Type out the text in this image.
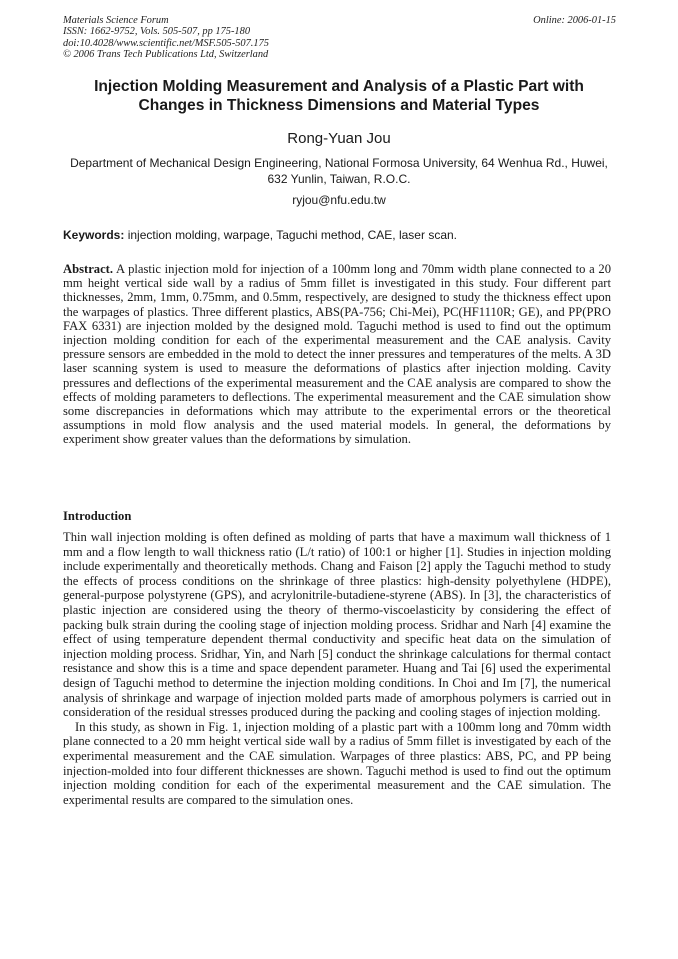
Materials Science Forum
ISSN: 1662-9752, Vols. 505-507, pp 175-180
doi:10.4028/www.scientific.net/MSF.505-507.175
© 2006 Trans Tech Publications Ltd, Switzerland
Online: 2006-01-15
Injection Molding Measurement and Analysis of a Plastic Part with Changes in Thickness Dimensions and Material Types
Rong-Yuan Jou
Department of Mechanical Design Engineering, National Formosa University, 64 Wenhua Rd., Huwei, 632 Yunlin, Taiwan, R.O.C.
ryjou@nfu.edu.tw
Keywords: injection molding, warpage, Taguchi method, CAE, laser scan.
Abstract. A plastic injection mold for injection of a 100mm long and 70mm width plane connected to a 20 mm height vertical side wall by a radius of 5mm fillet is investigated in this study. Four different part thicknesses, 2mm, 1mm, 0.75mm, and 0.5mm, respectively, are designed to study the thickness effect upon the warpages of plastics. Three different plastics, ABS(PA-756; Chi-Mei), PC(HF1110R; GE), and PP(PRO FAX 6331) are injection molded by the designed mold. Taguchi method is used to find out the optimum injection molding condition for each of the experimental measurement and the CAE analysis. Cavity pressure sensors are embedded in the mold to detect the inner pressures and temperatures of the melts. A 3D laser scanning system is used to measure the deformations of plastics after injection molding. Cavity pressures and deflections of the experimental measurement and the CAE analysis are compared to show the effects of molding parameters to deflections. The experimental measurement and the CAE simulation show some discrepancies in deformations which may attribute to the experimental errors or the theoretical assumptions in mold flow analysis and the used material models. In general, the deformations by experiment show greater values than the deformations by simulation.
Introduction

Thin wall injection molding is often defined as molding of parts that have a maximum wall thickness of 1 mm and a flow length to wall thickness ratio (L/t ratio) of 100:1 or higher [1]. Studies in injection molding include experimentally and theoretically methods. Chang and Faison [2] apply the Taguchi method to study the effects of process conditions on the shrinkage of three plastics: high-density polyethylene (HDPE), general-purpose polystyrene (GPS), and acrylonitrile-butadiene-styrene (ABS). In [3], the characteristics of plastic injection are considered using the theory of thermo-viscoelasticity by considering the effect of packing bulk strain during the cooling stage of injection molding process. Sridhar and Narh [4] examine the effect of using temperature dependent thermal conductivity and specific heat data on the simulation of injection molding process. Sridhar, Yin, and Narh [5] conduct the shrinkage calculations for thermal contact resistance and show this is a time and space dependent parameter. Huang and Tai [6] used the experimental design of Taguchi method to determine the injection molding conditions. In Choi and Im [7], the numerical analysis of shrinkage and warpage of injection molded parts made of amorphous polymers is carried out in consideration of the residual stresses produced during the packing and cooling stages of injection molding.

In this study, as shown in Fig. 1, injection molding of a plastic part with a 100mm long and 70mm width plane connected to a 20 mm height vertical side wall by a radius of 5mm fillet is investigated by each of the experimental measurement and the CAE simulation. Warpages of three plastics: ABS, PC, and PP being injection-molded into four different thicknesses are shown. Taguchi method is used to find out the optimum injection molding condition for each of the experimental measurement and the CAE simulation. The experimental results are compared to the simulation ones.
